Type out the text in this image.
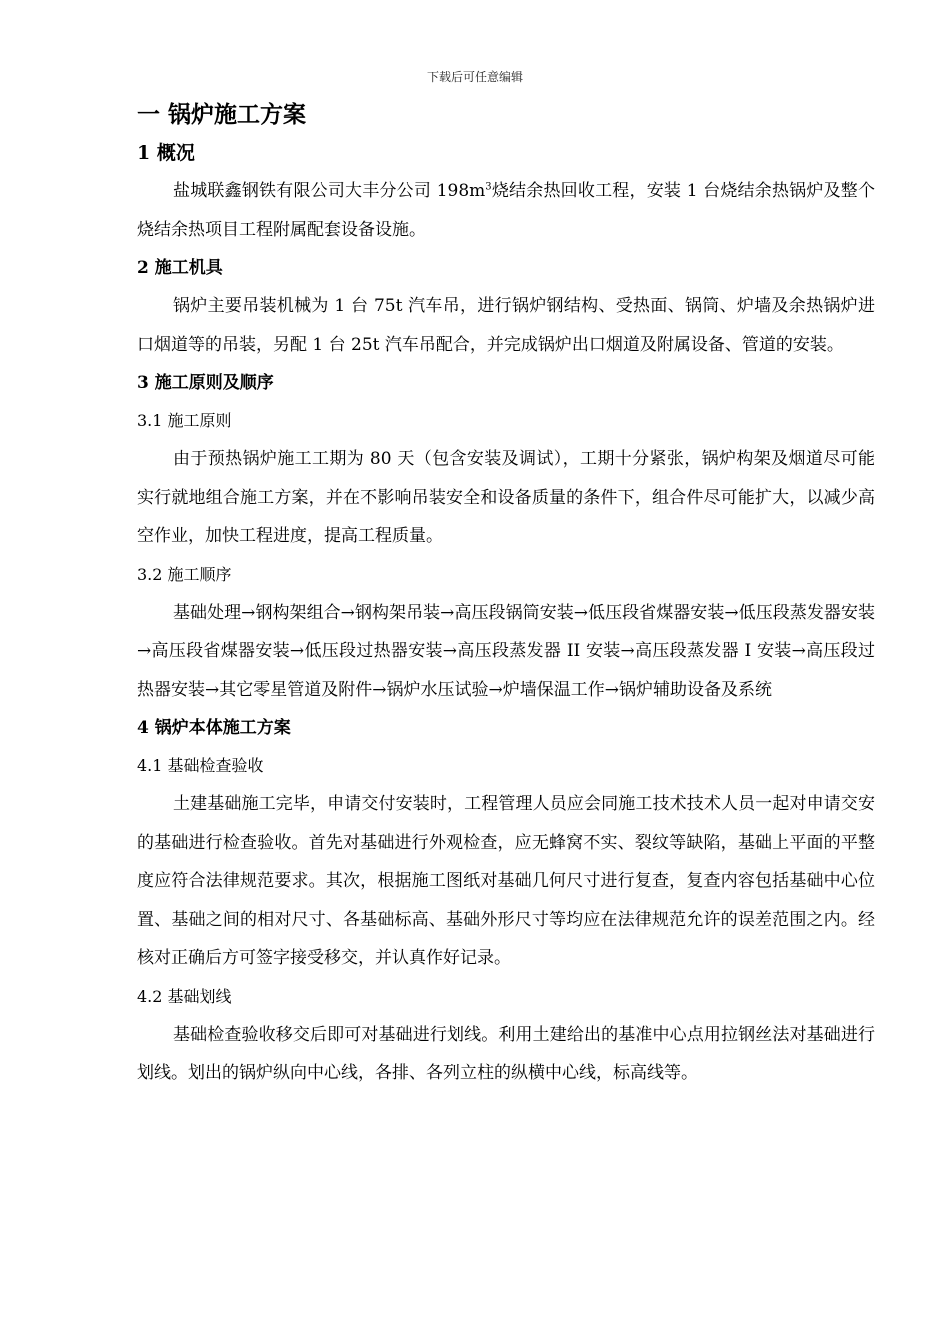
下载后可任意编辑
一 锅炉施工方案
1 概况

盐城联鑫钢铁有限公司大丰分公司 $198m^3$烧结余热回收工程，安装 1 台烧结余热锅炉及整个烧结余热项目工程附属配套设备设施。

2 施工机具

锅炉主要吊装机械为 1 台 75t 汽车吊，进行锅炉钢结构、受热面、锅筒、炉墙及余热锅炉进口烟道等的吊装，另配 1 台 25t 汽车吊配合，并完成锅炉出口烟道及附属设备、管道的安装。

3 施工原则及顺序
3.1 施工原则

由于预热锅炉施工工期为 80 天（包含安装及调试），工期十分紧张，锅炉构架及烟道尽可能实行就地组合施工方案，并在不影响吊装安全和设备质量的条件下，组合件尽可能扩大，以减少高空作业，加快工程进度，提高工程质量。

3.2 施工顺序

基础处理→钢构架组合→钢构架吊装→高压段锅筒安装→低压段省煤器安装→低压段蒸发器安装→高压段省煤器安装→低压段过热器安装→高压段蒸发器 II 安装→高压段蒸发器 I 安装→高压段过热器安装→其它零星管道及附件→锅炉水压试验→炉墙保温工作→锅炉辅助设备及系统

4 锅炉本体施工方案
4.1 基础检查验收

土建基础施工完毕，申请交付安装时，工程管理人员应会同施工技术技术人员一起对申请交安的基础进行检查验收。首先对基础进行外观检查，应无蜂窝不实、裂纹等缺陷，基础上平面的平整度应符合法律规范要求。其次，根据施工图纸对基础几何尺寸进行复查，复查内容包括基础中心位置、基础之间的相对尺寸、各基础标高、基础外形尺寸等均应在法律规范允许的误差范围之内。经核对正确后方可签字接受移交，并认真作好记录。

4.2 基础划线

基础检查验收移交后即可对基础进行划线。利用土建给出的基准中心点用拉钢丝法对基础进行划线。划出的锅炉纵向中心线，各排、各列立柱的纵横中心线，标高线等。
